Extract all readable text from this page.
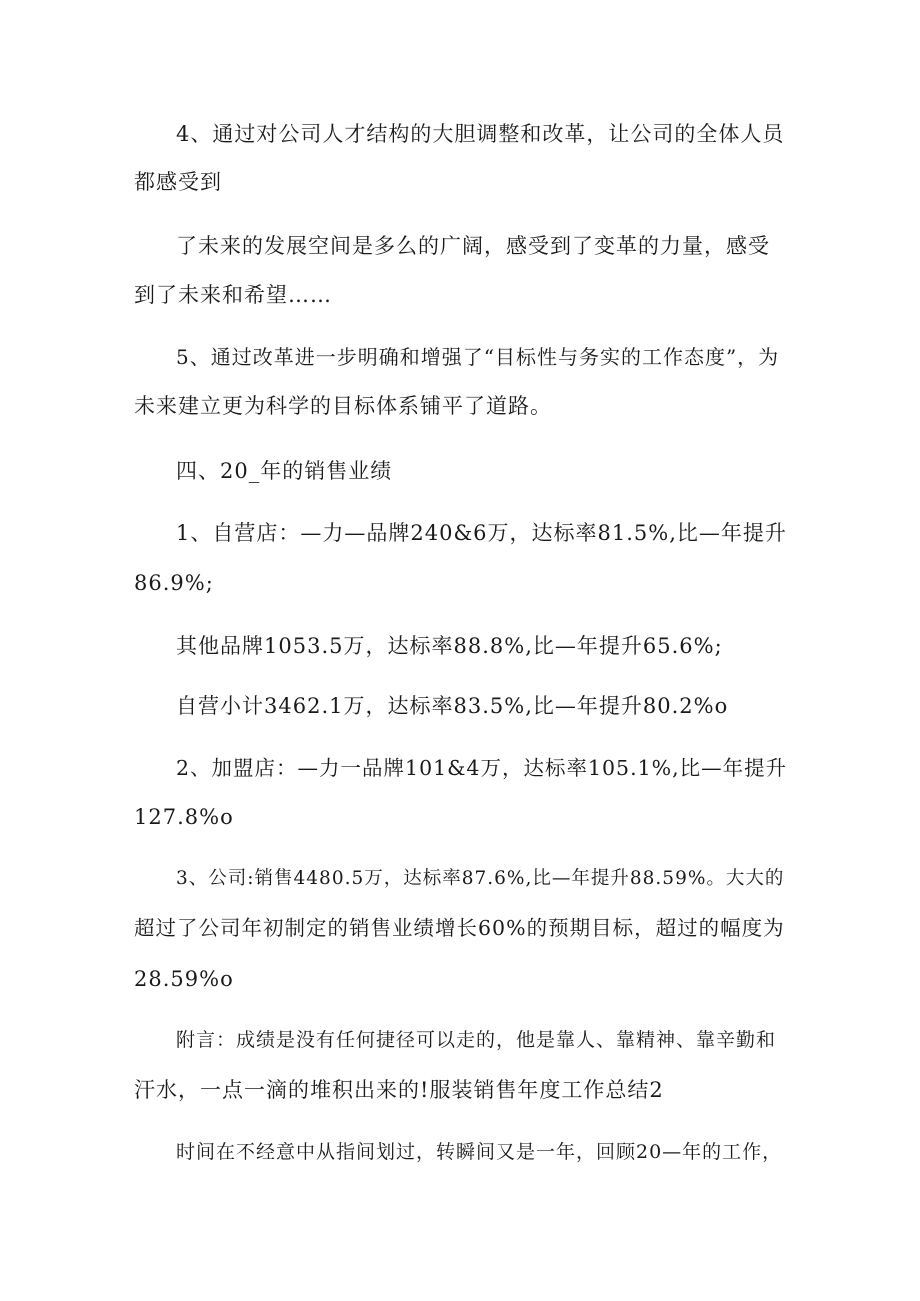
4、通过对公司人才结构的大胆调整和改革，让公司的全体人员
都感受到
了未来的发展空间是多么的广阔，感受到了变革的力量，感受
到了未来和希望……
5、通过改革进一步明确和增强了“目标性与务实的工作态度”，为
未来建立更为科学的目标体系铺平了道路。
四、20_年的销售业绩
1、自营店：—力—品牌240&6万，达标率81.5%,比—年提升
86.9%;
其他品牌1053.5万，达标率88.8%,比—年提升65.6%;
自营小计3462.1万，达标率83.5%,比—年提升80.2%o
2、加盟店：—力一品牌101&4万，达标率105.1%,比—年提升
127.8%o
3、公司:销售4480.5万，达标率87.6%,比—年提升88.59%。大大的
超过了公司年初制定的销售业绩增长60%的预期目标，超过的幅度为
28.59%o
附言：成绩是没有任何捷径可以走的，他是靠人、靠精神、靠辛勤和
汗水，一点一滴的堆积出来的!服装销售年度工作总结2
时间在不经意中从指间划过，转瞬间又是一年，回顾20—年的工作，
